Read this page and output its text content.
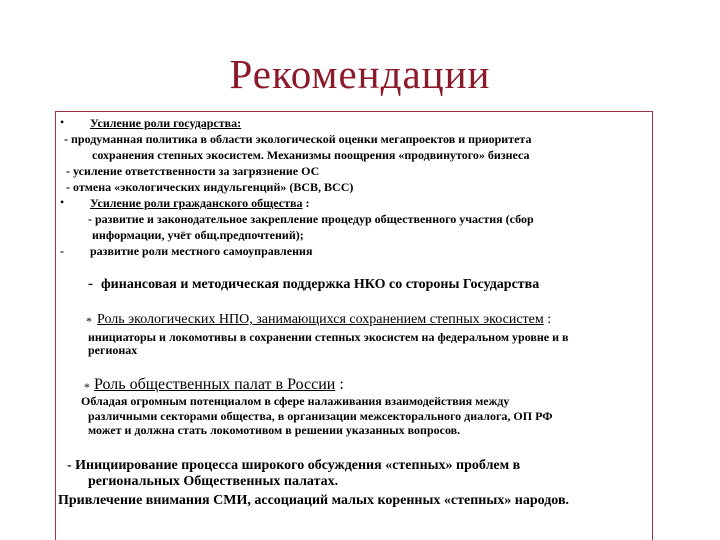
Рекомендации
• Усиление роли государства:
- продуманная политика в области экологической оценки мегапроектов и приоритета
сохранения степных экосистем. Механизмы поощрения «продвинутого» бизнеса
- усиление ответственности за загрязнение ОС
- отмена «экологических индульгенций» (ВСВ, ВСС)
• Усиление роли гражданского общества :
- развитие и законодательное закрепление процедур общественного участия (сбор
информации, учёт общ.предпочтений);
- развитие роли местного самоуправления
- финансовая и методическая поддержка НКО со стороны Государства
* Роль экологических НПО, занимающихся сохранением степных экосистем :
инициаторы и локомотивы в сохранении степных экосистем на федеральном уровне и в
регионах
* Роль общественных палат в России :
Обладая огромным потенциалом в сфере налаживания взаимодействия между
различными секторами общества, в организации межсекторального диалога, ОП РФ
может и должна стать локомотивом в решении указанных вопросов.
- Инициирование процесса широкого обсуждения «степных» проблем в
региональных Общественных палатах.
Привлечение внимания СМИ, ассоциаций малых коренных «степных» народов.
